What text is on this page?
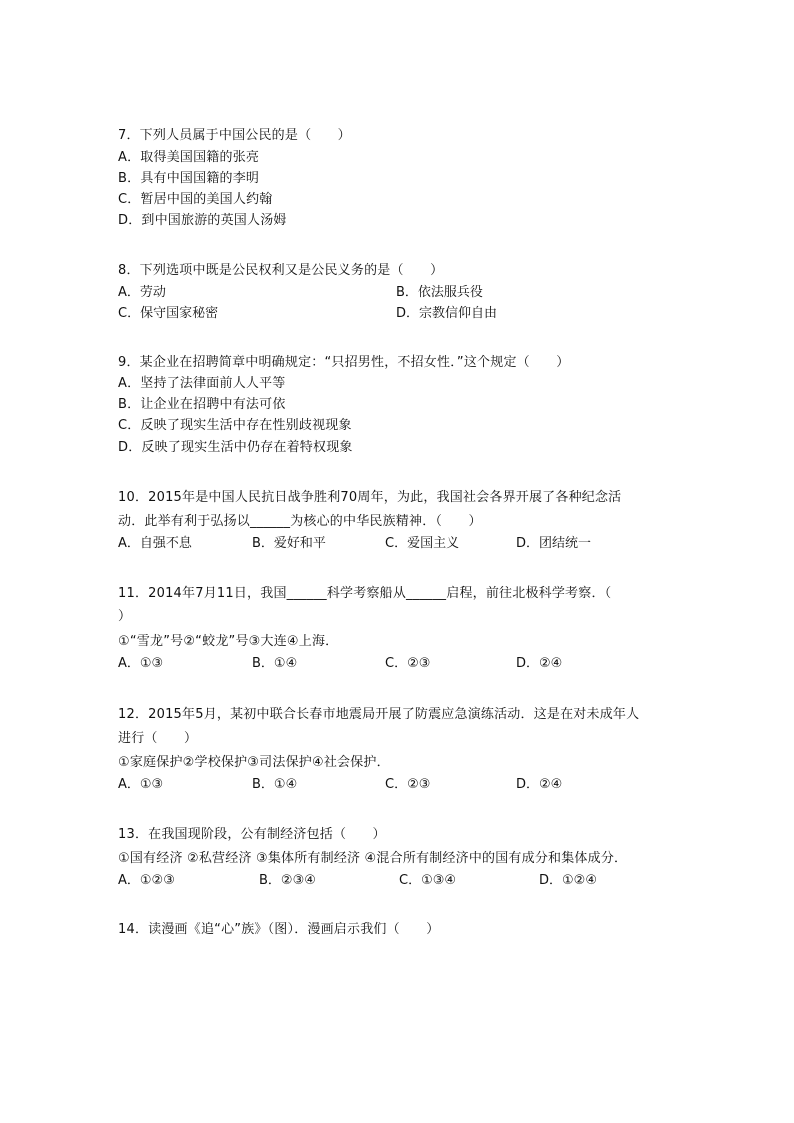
7．下列人员属于中国公民的是（　　）
A．取得美国国籍的张亮
B．具有中国国籍的李明
C．暂居中国的美国人约翰
D．到中国旅游的英国人汤姆
8．下列选项中既是公民权利又是公民义务的是（　　）
A．劳动	B．依法服兵役
C．保守国家秘密	D．宗教信仰自由
9．某企业在招聘简章中明确规定：“只招男性，不招女性．”这个规定（　　）
A．坚持了法律面前人人平等
B．让企业在招聘中有法可依
C．反映了现实生活中存在性别歧视现象
D．反映了现实生活中仍存在着特权现象
10．2015年是中国人民抗日战争胜利70周年，为此，我国社会各界开展了各种纪念活
动．此举有利于弘扬以______为核心的中华民族精神．（　　）
A．自强不息	B．爱好和平	C．爱国主义	D．团结统一
11．2014年7月11日，我国______科学考察船从______启程，前往北极科学考察．（
）
①“雪龙”号②“蛟龙”号③大连④上海．
A．①③	B．①④	C．②③	D．②④
12．2015年5月，某初中联合长春市地震局开展了防震应急演练活动．这是在对未成年人
进行（　　）
①家庭保护②学校保护③司法保护④社会保护．
A．①③	B．①④	C．②③	D．②④
13．在我国现阶段，公有制经济包括（　　）
①国有经济 ②私营经济 ③集体所有制经济 ④混合所有制经济中的国有成分和集体成分．
A．①②③	B．②③④	C．①③④	D．①②④
14．读漫画《追“心”族》（图）．漫画启示我们（　　）
